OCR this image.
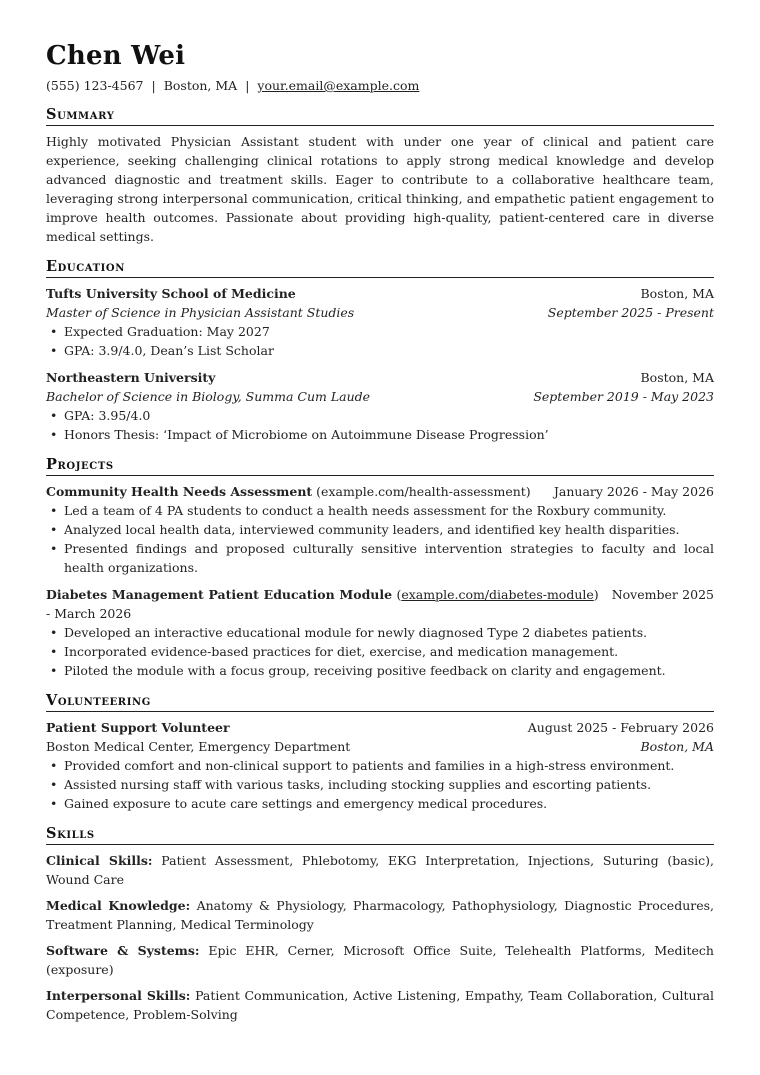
Chen Wei
(555) 123-4567 | Boston, MA | your.email@example.com
Summary

Highly motivated Physician Assistant student with under one year of clinical and patient care experience, seeking challenging clinical rotations to apply strong medical knowledge and develop advanced diagnostic and treatment skills. Eager to contribute to a collaborative healthcare team, leveraging strong interpersonal communication, critical thinking, and empathetic patient engagement to improve health outcomes. Passionate about providing high-quality, patient-centered care in diverse medical settings.

Education
Tufts University School of Medicine	Boston, MA
Master of Science in Physician Assistant Studies	September 2025 - Present
• Expected Graduation: May 2027
• GPA: 3.9/4.0, Dean’s List Scholar
Northeastern University	Boston, MA
Bachelor of Science in Biology, Summa Cum Laude	September 2019 - May 2023
• GPA: 3.95/4.0
• Honors Thesis: ‘Impact of Microbiome on Autoimmune Disease Progression’
Projects
Community Health Needs Assessment (example.com/health-assessment) January 2026 - May 2026
• Led a team of 4 PA students to conduct a health needs assessment for the Roxbury community.
• Analyzed local health data, interviewed community leaders, and identified key health disparities.
• Presented findings and proposed culturally sensitive intervention strategies to faculty and local health organizations.
Diabetes Management Patient Education Module (example.com/diabetes-module)   November 2025 - March 2026
• Developed an interactive educational module for newly diagnosed Type 2 diabetes patients.
• Incorporated evidence-based practices for diet, exercise, and medication management.
• Piloted the module with a focus group, receiving positive feedback on clarity and engagement.
Volunteering
Patient Support Volunteer	August 2025 - February 2026
Boston Medical Center, Emergency Department	Boston, MA
• Provided comfort and non-clinical support to patients and families in a high-stress environment.
• Assisted nursing staff with various tasks, including stocking supplies and escorting patients.
• Gained exposure to acute care settings and emergency medical procedures.
Skills

Clinical Skills: Patient Assessment, Phlebotomy, EKG Interpretation, Injections, Suturing (basic), Wound Care

Medical Knowledge: Anatomy & Physiology, Pharmacology, Pathophysiology, Diagnostic Procedures, Treatment Planning, Medical Terminology

Software & Systems: Epic EHR, Cerner, Microsoft Office Suite, Telehealth Platforms, Meditech (exposure)

Interpersonal Skills: Patient Communication, Active Listening, Empathy, Team Collaboration, Cultural Competence, Problem-Solving
